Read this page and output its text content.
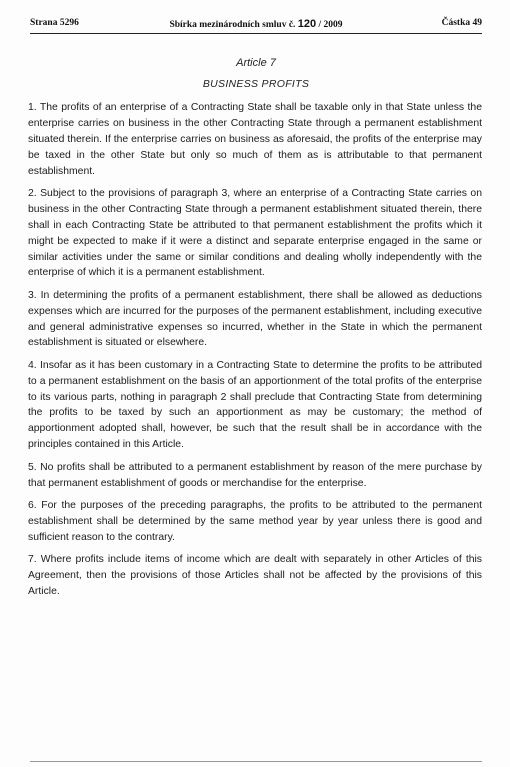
Strana 5296	Sbírka mezinárodních smluv č. 120 / 2009	Částka 49
Article 7
BUSINESS PROFITS

1. The profits of an enterprise of a Contracting State shall be taxable only in that State unless the enterprise carries on business in the other Contracting State through a permanent establishment situated therein. If the enterprise carries on business as aforesaid, the profits of the enterprise may be taxed in the other State but only so much of them as is attributable to that permanent establishment.

2. Subject to the provisions of paragraph 3, where an enterprise of a Contracting State carries on business in the other Contracting State through a permanent establishment situated therein, there shall in each Contracting State be attributed to that permanent establishment the profits which it might be expected to make if it were a distinct and separate enterprise engaged in the same or similar activities under the same or similar conditions and dealing wholly independently with the enterprise of which it is a permanent establishment.

3. In determining the profits of a permanent establishment, there shall be allowed as deductions expenses which are incurred for the purposes of the permanent establishment, including executive and general administrative expenses so incurred, whether in the State in which the permanent establishment is situated or elsewhere.

4. Insofar as it has been customary in a Contracting State to determine the profits to be attributed to a permanent establishment on the basis of an apportionment of the total profits of the enterprise to its various parts, nothing in paragraph 2 shall preclude that Contracting State from determining the profits to be taxed by such an apportionment as may be customary; the method of apportionment adopted shall, however, be such that the result shall be in accordance with the principles contained in this Article.

5. No profits shall be attributed to a permanent establishment by reason of the mere purchase by that permanent establishment of goods or merchandise for the enterprise.

6. For the purposes of the preceding paragraphs, the profits to be attributed to the permanent establishment shall be determined by the same method year by year unless there is good and sufficient reason to the contrary.

7. Where profits include items of income which are dealt with separately in other Articles of this Agreement, then the provisions of those Articles shall not be affected by the provisions of this Article.
